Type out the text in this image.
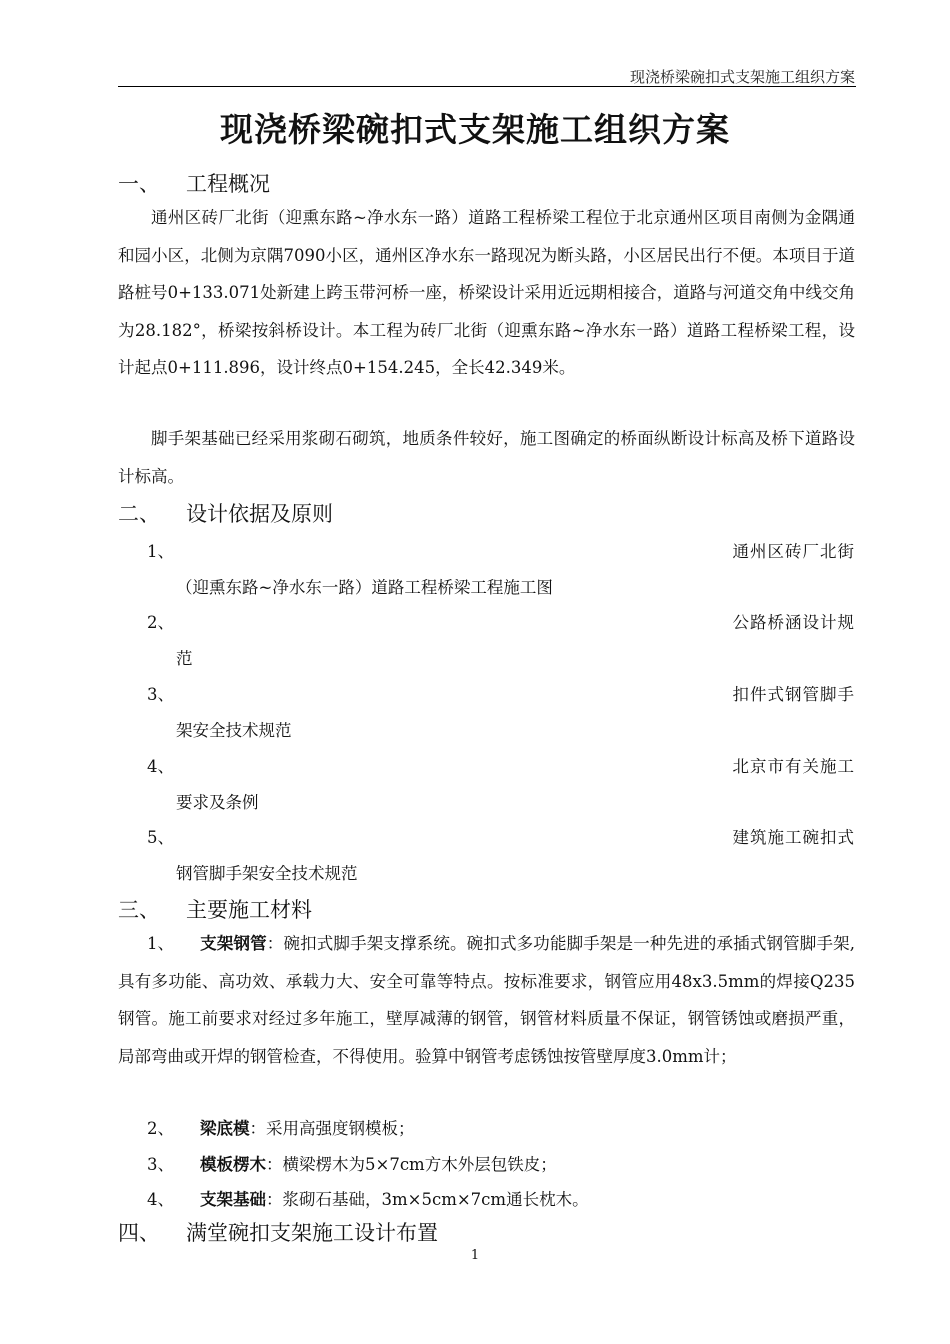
现浇桥梁碗扣式支架施工组织方案
现浇桥梁碗扣式支架施工组织方案
一、 工程概况

通州区砖厂北街（迎熏东路~净水东一路）道路工程桥梁工程位于北京通州区项目南侧为金隅通和园小区，北侧为京隅7090小区，通州区净水东一路现况为断头路，小区居民出行不便。本项目于道路桩号0+133.071处新建上跨玉带河桥一座，桥梁设计采用近远期相接合，道路与河道交角中线交角为28.182°，桥梁按斜桥设计。本工程为砖厂北街（迎熏东路~净水东一路）道路工程桥梁工程，设计起点0+111.896，设计终点0+154.245，全长42.349米。

脚手架基础已经采用浆砌石砌筑，地质条件较好，施工图确定的桥面纵断设计标高及桥下道路设计标高。

二、 设计依据及原则
1、	通州区砖厂北街
（迎熏东路~净水东一路）道路工程桥梁工程施工图
2、	公路桥涵设计规
范
3、	扣件式钢管脚手
架安全技术规范
4、	北京市有关施工
要求及条例
5、	建筑施工碗扣式
钢管脚手架安全技术规范
三、 主要施工材料

1、 支架钢管：碗扣式脚手架支撑系统。碗扣式多功能脚手架是一种先进的承插式钢管脚手架,具有多功能、高功效、承载力大、安全可靠等特点。按标准要求，钢管应用48x3.5mm的焊接Q235钢管。施工前要求对经过多年施工，壁厚减薄的钢管，钢管材料质量不保证，钢管锈蚀或磨损严重，局部弯曲或开焊的钢管检查，不得使用。验算中钢管考虑锈蚀按管壁厚度3.0mm计；

2、 梁底模：采用高强度钢模板；
3、 模板楞木：横梁楞木为5×7cm方木外层包铁皮；
4、 支架基础：浆砌石基础，3m×5cm×7cm通长枕木。
四、 满堂碗扣支架施工设计布置
1
